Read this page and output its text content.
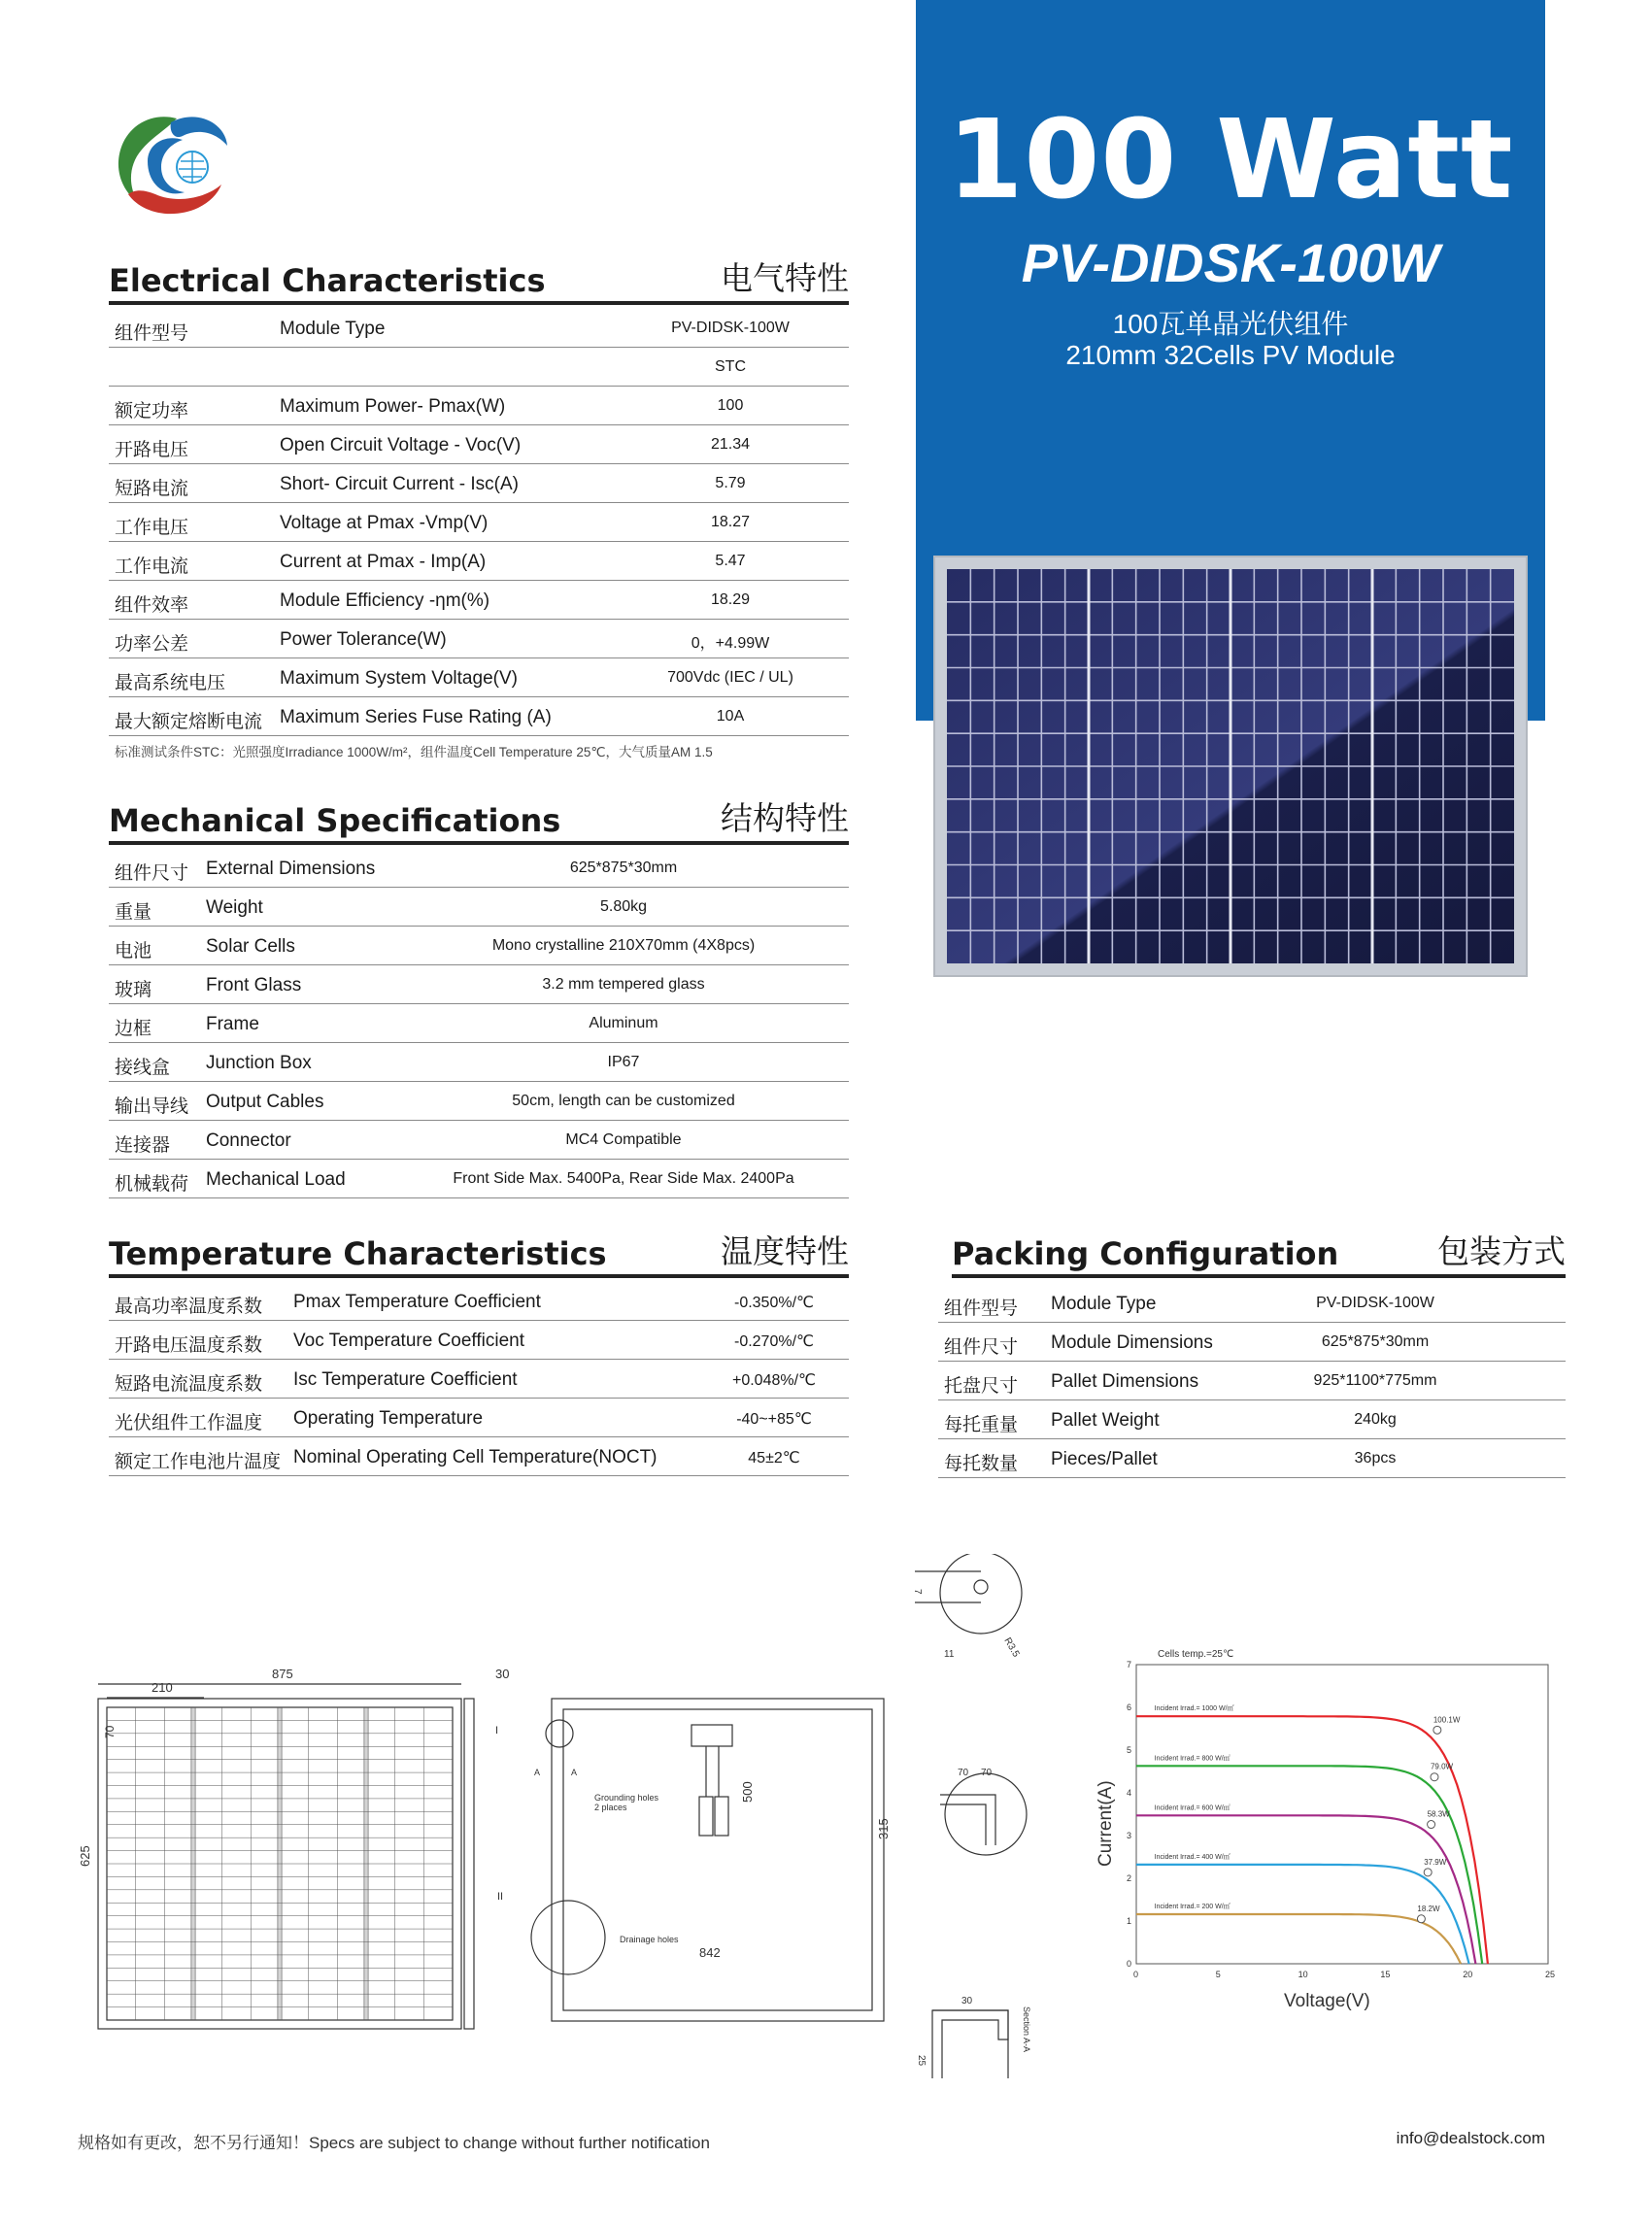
100 Watt
PV-DIDSK-100W
100瓦单晶光伏组件
210mm 32Cells PV Module
Electrical Characteristics	电气特性
组件型号	Module Type	PV-DIDSK-100W
STC
额定功率	Maximum Power- Pmax(W)	100
开路电压	Open Circuit Voltage - Voc(V)	21.34
短路电流	Short- Circuit Current - Isc(A)	5.79
工作电压	Voltage at Pmax -Vmp(V)	18.27
工作电流	Current at Pmax - Imp(A)	5.47
组件效率	Module Efficiency -ηm(%)	18.29
功率公差	Power Tolerance(W)	0，+4.99W
最高系统电压	Maximum System Voltage(V)	700Vdc (IEC / UL)
最大额定熔断电流 Maximum Series Fuse Rating (A)	10A
标准测试条件STC：光照强度Irradiance 1000W/m²，组件温度Cell Temperature 25℃，大气质量AM 1.5
Mechanical Specifications	结构特性
组件尺寸 External Dimensions	625*875*30mm
重量	Weight	5.80kg
电池	Solar Cells	Mono crystalline 210X70mm (4X8pcs)
玻璃	Front Glass	3.2 mm tempered glass
边框	Frame	Aluminum
接线盒 Junction Box	IP67
输出导线 Output Cables	50cm, length can be customized
连接器 Connector	MC4 Compatible
机械载荷 Mechanical Load	Front Side Max. 5400Pa, Rear Side Max. 2400Pa
Temperature Characteristics	温度特性
最高功率温度系数 Pmax Temperature Coefficient	-0.350%/℃
开路电压温度系数 Voc Temperature Coefficient	-0.270%/℃
短路电流温度系数 Isc Temperature Coefficient	+0.048%/℃
光伏组件工作温度 Operating Temperature	-40~+85℃
额定工作电池片温度 Nominal Operating Cell Temperature(NOCT)	45±2℃
Packing Configuration	包装方式
组件型号 Module Type	PV-DIDSK-100W
组件尺寸 Module Dimensions	625*875*30mm
托盘尺寸 Pallet Dimensions	925*1100*775mm
每托重量 Pallet Weight	240kg
每托数量 Pieces/Pallet	36pcs
875
210
625
70
30
500
315
842
I
II
A	A
Grounding holes
2 places
Drainage holes
7
11	R3.5
70 70
30
25
Section A-A
Cells temp.=25℃
Voltage(V)
Current(A)
0	5	10	15	20	25
0
1
2
3
4
5
6
7
100.1W
Incident Irrad.= 1000 W/㎡
79.0W
Incident Irrad.= 800 W/㎡
58.3W
Incident Irrad.= 600 W/㎡
37.9W
Incident Irrad.= 400 W/㎡
18.2W
Incident Irrad.= 200 W/㎡
规格如有更改，恕不另行通知！Specs are subject to change without further notification	info@dealstock.com
